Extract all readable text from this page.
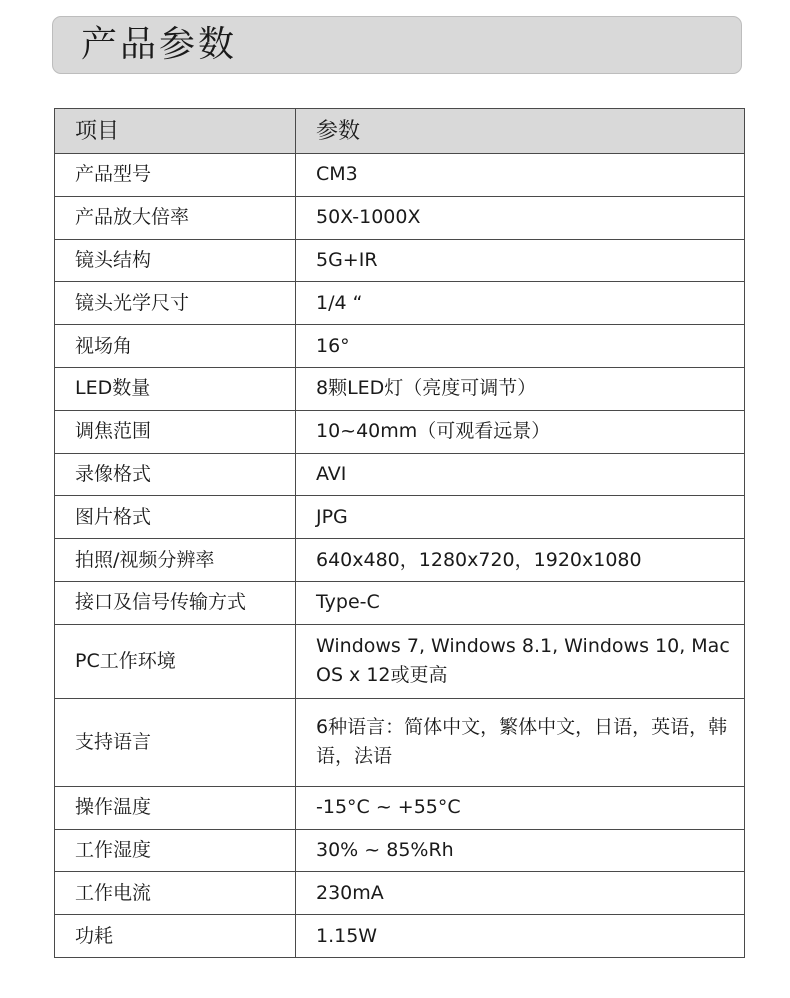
产品参数
项目	参数
产品型号	CM3
产品放大倍率	50X-1000X
镜头结构	5G+IR
镜头光学尺寸	1/4 “
视场角	16°
LED数量	8颗LED灯（亮度可调节）
调焦范围	10~40mm（可观看远景）
录像格式	AVI
图片格式	JPG
拍照/视频分辨率	640x480，1280x720，1920x1080
接口及信号传输方式	Type-C
PC工作环境	Windows 7, Windows 8.1, Windows 10, Mac OS x 12或更高
支持语言	6种语言：简体中文，繁体中文，日语，英语，韩语，法语
操作温度	-15°C ~ +55°C
工作湿度	30% ~ 85%Rh
工作电流	230mA
功耗	1.15W
